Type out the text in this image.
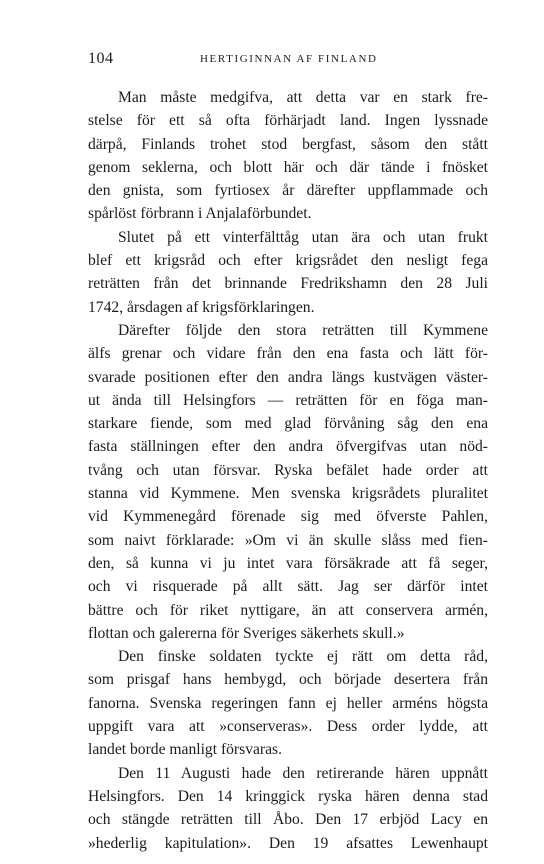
104	HERTIGINNAN AF FINLAND
Man måste medgifva, att detta var en stark fre-
stelse för ett så ofta förhärjadt land. Ingen lyssnade
därpå, Finlands trohet stod bergfast, såsom den stått
genom seklerna, och blott här och där tände i fnösket
den gnista, som fyrtiosex år därefter uppflammade och
spårlöst förbrann i Anjalaförbundet.
Slutet på ett vinterfälttåg utan ära och utan frukt
blef ett krigsråd och efter krigsrådet den nesligt fega
reträtten från det brinnande Fredrikshamn den 28 Juli
1742, årsdagen af krigsförklaringen.
Därefter följde den stora reträtten till Kymmene
älfs grenar och vidare från den ena fasta och lätt för-
svarade positionen efter den andra längs kustvägen väster-
ut ända till Helsingfors — reträtten för en föga man-
starkare fiende, som med glad förvåning såg den ena
fasta ställningen efter den andra öfvergifvas utan nöd-
tvång och utan försvar. Ryska befälet hade order att
stanna vid Kymmene. Men svenska krigsrådets pluralitet
vid Kymmenegård förenade sig med öfverste Pahlen,
som naivt förklarade: »Om vi än skulle slåss med fien-
den, så kunna vi ju intet vara försäkrade att få seger,
och vi risquerade på allt sätt. Jag ser därför intet
bättre och för riket nyttigare, än att conservera armén,
flottan och galererna för Sveriges säkerhets skull.»
Den finske soldaten tyckte ej rätt om detta råd,
som prisgaf hans hembygd, och började desertera från
fanorna. Svenska regeringen fann ej heller arméns högsta
uppgift vara att »conserveras». Dess order lydde, att
landet borde manligt försvaras.
Den 11 Augusti hade den retirerande hären uppnått
Helsingfors. Den 14 kringgick ryska hären denna stad
och stängde reträtten till Åbo. Den 17 erbjöd Lacy en
»hederlig kapitulation». Den 19 afsattes Lewenhaupt
